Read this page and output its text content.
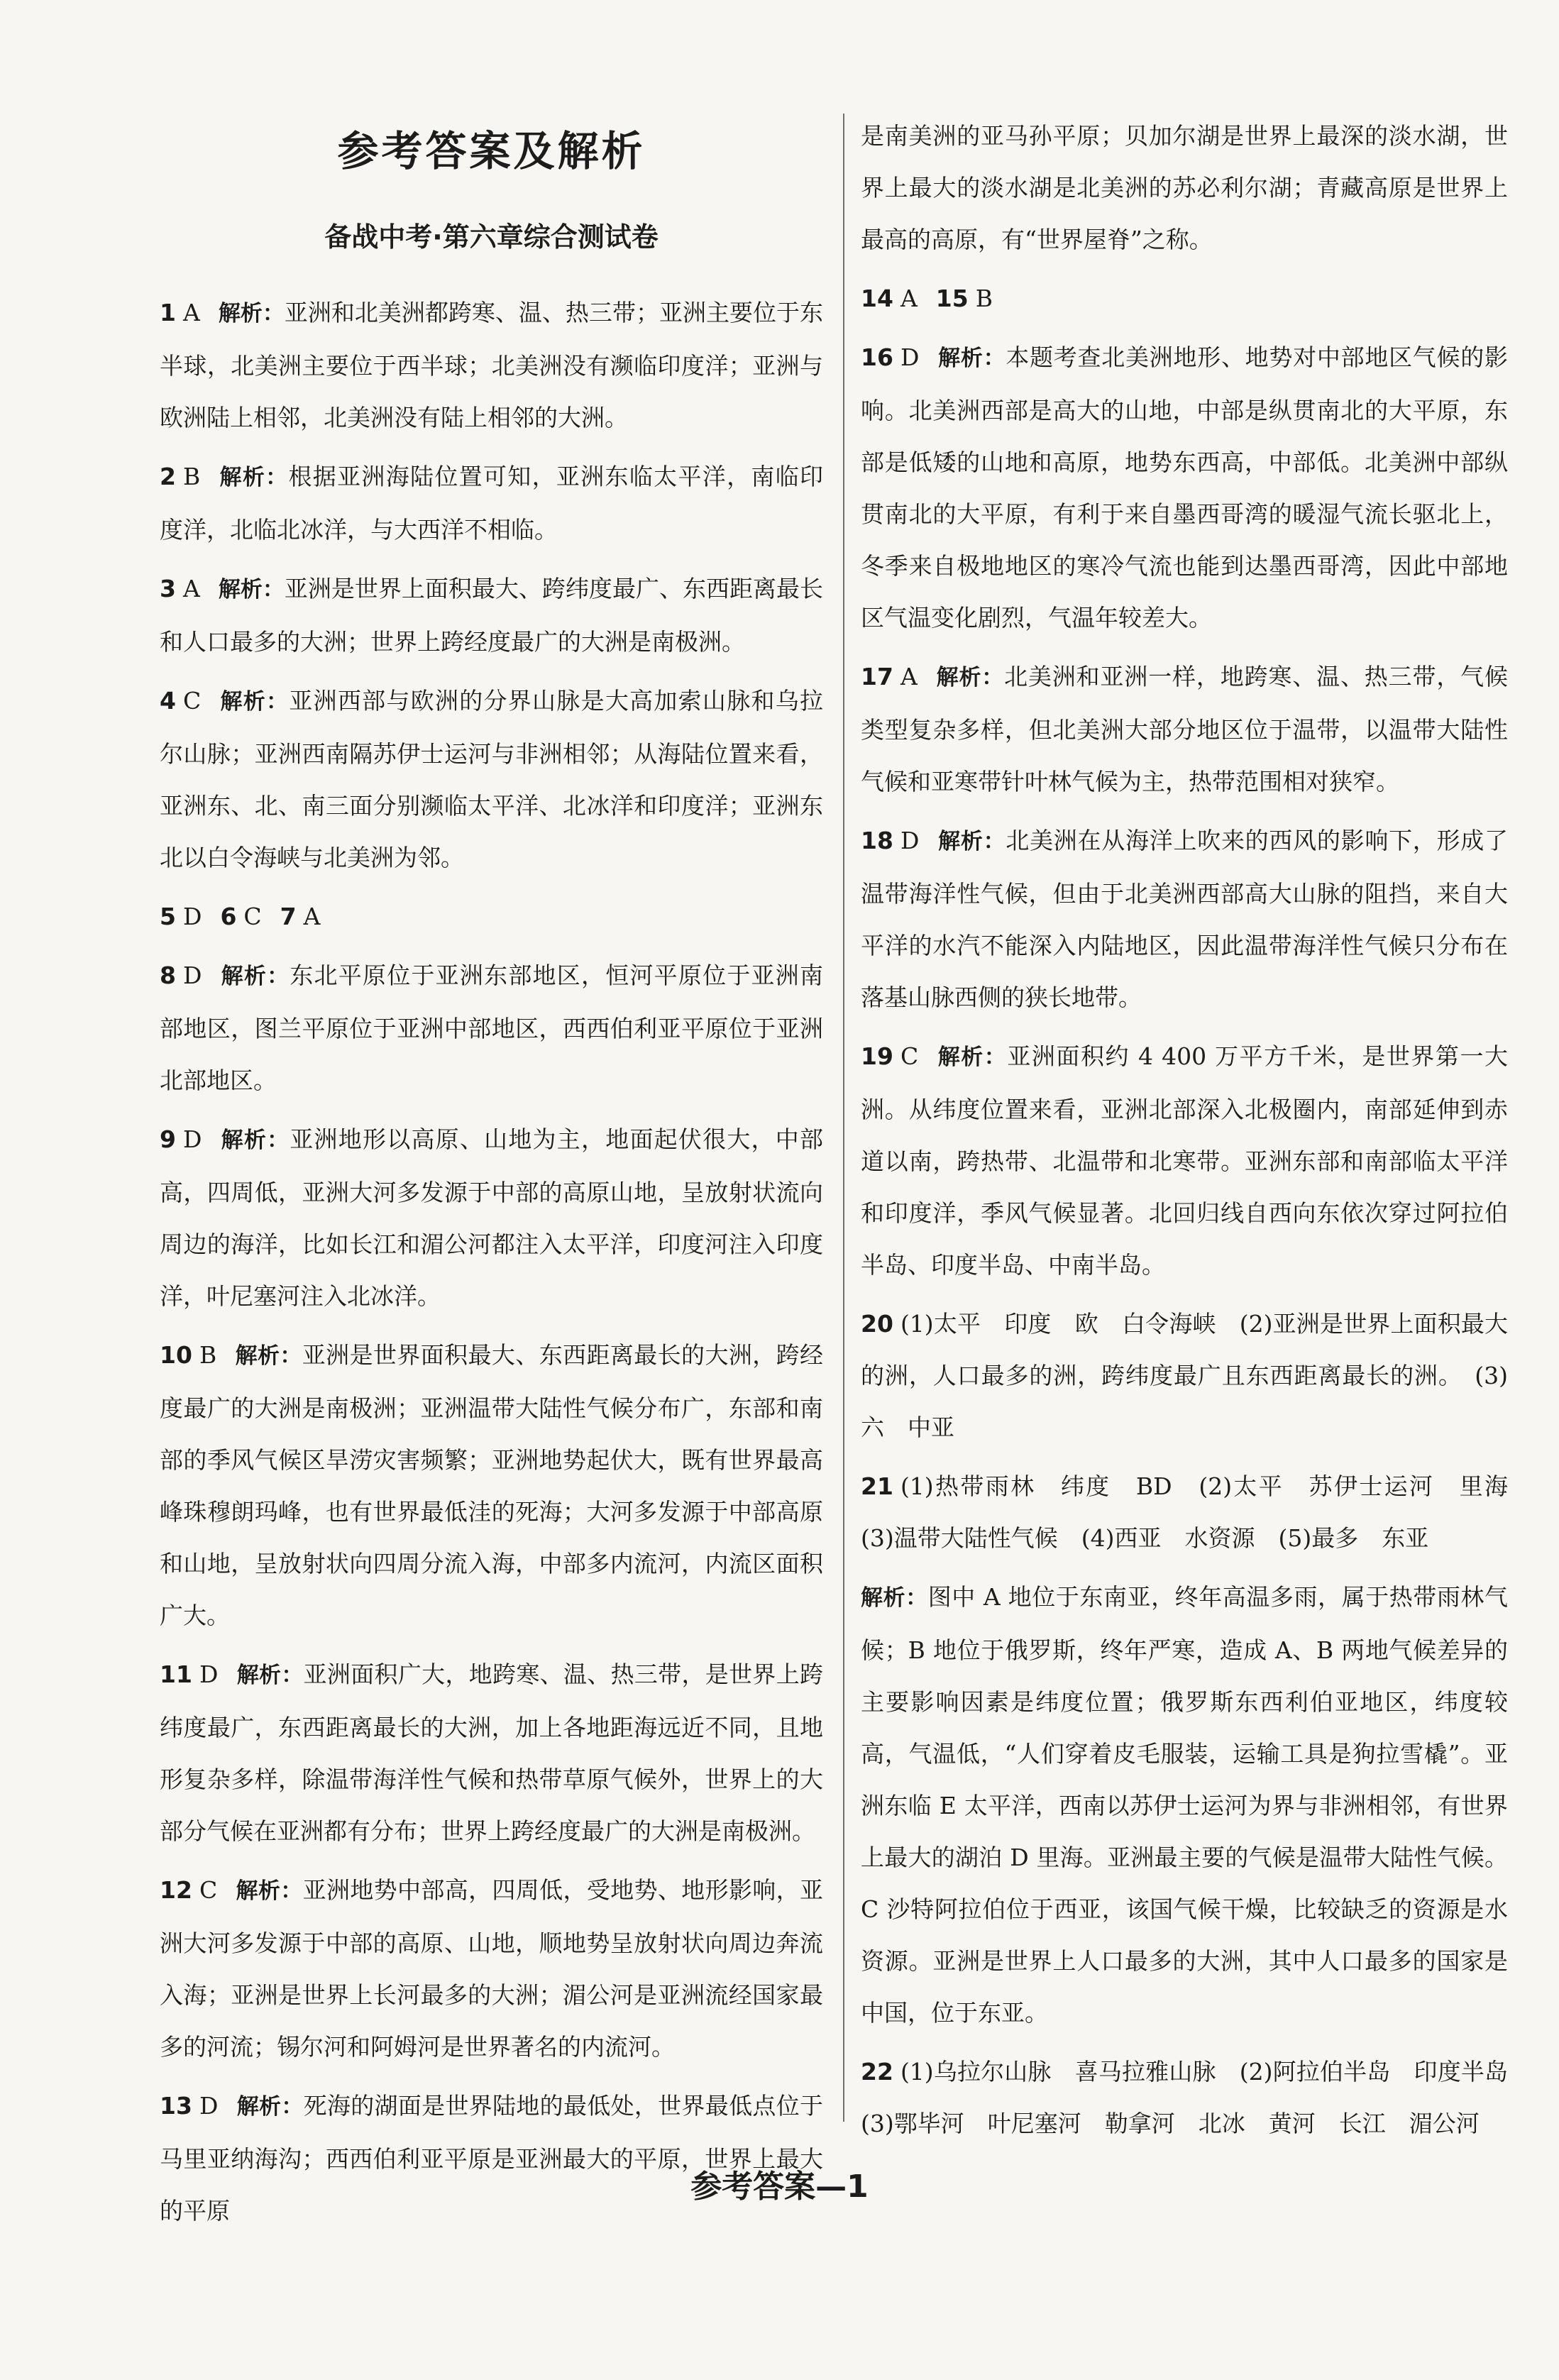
参考答案及解析
备战中考·第六章综合测试卷
1 A 解析：亚洲和北美洲都跨寒、温、热三带；亚洲主要位于东半球，北美洲主要位于西半球；北美洲没有濒临印度洋；亚洲与欧洲陆上相邻，北美洲没有陆上相邻的大洲。
2 B 解析：根据亚洲海陆位置可知，亚洲东临太平洋，南临印度洋，北临北冰洋，与大西洋不相临。
3 A 解析：亚洲是世界上面积最大、跨纬度最广、东西距离最长和人口最多的大洲；世界上跨经度最广的大洲是南极洲。
4 C 解析：亚洲西部与欧洲的分界山脉是大高加索山脉和乌拉尔山脉；亚洲西南隔苏伊士运河与非洲相邻；从海陆位置来看，亚洲东、北、南三面分别濒临太平洋、北冰洋和印度洋；亚洲东北以白令海峡与北美洲为邻。
5 D 6 C 7 A
8 D 解析：东北平原位于亚洲东部地区，恒河平原位于亚洲南部地区，图兰平原位于亚洲中部地区，西西伯利亚平原位于亚洲北部地区。
9 D 解析：亚洲地形以高原、山地为主，地面起伏很大，中部高，四周低，亚洲大河多发源于中部的高原山地，呈放射状流向周边的海洋，比如长江和湄公河都注入太平洋，印度河注入印度洋，叶尼塞河注入北冰洋。
10 B 解析：亚洲是世界面积最大、东西距离最长的大洲，跨经度最广的大洲是南极洲；亚洲温带大陆性气候分布广，东部和南部的季风气候区旱涝灾害频繁；亚洲地势起伏大，既有世界最高峰珠穆朗玛峰，也有世界最低洼的死海；大河多发源于中部高原和山地，呈放射状向四周分流入海，中部多内流河，内流区面积广大。
11 D 解析：亚洲面积广大，地跨寒、温、热三带，是世界上跨纬度最广，东西距离最长的大洲，加上各地距海远近不同，且地形复杂多样，除温带海洋性气候和热带草原气候外，世界上的大部分气候在亚洲都有分布；世界上跨经度最广的大洲是南极洲。
12 C 解析：亚洲地势中部高，四周低，受地势、地形影响，亚洲大河多发源于中部的高原、山地，顺地势呈放射状向周边奔流入海；亚洲是世界上长河最多的大洲；湄公河是亚洲流经国家最多的河流；锡尔河和阿姆河是世界著名的内流河。
13 D 解析：死海的湖面是世界陆地的最低处，世界最低点位于马里亚纳海沟；西西伯利亚平原是亚洲最大的平原，世界上最大的平原
是南美洲的亚马孙平原；贝加尔湖是世界上最深的淡水湖，世界上最大的淡水湖是北美洲的苏必利尔湖；青藏高原是世界上最高的高原，有“世界屋脊”之称。
14 A 15 B
16 D 解析：本题考查北美洲地形、地势对中部地区气候的影响。北美洲西部是高大的山地，中部是纵贯南北的大平原，东部是低矮的山地和高原，地势东西高，中部低。北美洲中部纵贯南北的大平原，有利于来自墨西哥湾的暖湿气流长驱北上，冬季来自极地地区的寒冷气流也能到达墨西哥湾，因此中部地区气温变化剧烈，气温年较差大。
17 A 解析：北美洲和亚洲一样，地跨寒、温、热三带，气候类型复杂多样，但北美洲大部分地区位于温带，以温带大陆性气候和亚寒带针叶林气候为主，热带范围相对狭窄。
18 D 解析：北美洲在从海洋上吹来的西风的影响下，形成了温带海洋性气候，但由于北美洲西部高大山脉的阻挡，来自大平洋的水汽不能深入内陆地区，因此温带海洋性气候只分布在落基山脉西侧的狭长地带。
19 C 解析：亚洲面积约 4 400 万平方千米，是世界第一大洲。从纬度位置来看，亚洲北部深入北极圈内，南部延伸到赤道以南，跨热带、北温带和北寒带。亚洲东部和南部临太平洋和印度洋，季风气候显著。北回归线自西向东依次穿过阿拉伯半岛、印度半岛、中南半岛。
20 (1)太平　印度　欧　白令海峡　(2)亚洲是世界上面积最大的洲，人口最多的洲，跨纬度最广且东西距离最长的洲。　(3)六　中亚
21 (1)热带雨林　纬度　BD　(2)太平　苏伊士运河　里海　(3)温带大陆性气候　(4)西亚　水资源　(5)最多　东亚
解析：图中 A 地位于东南亚，终年高温多雨，属于热带雨林气候；B 地位于俄罗斯，终年严寒，造成 A、B 两地气候差异的主要影响因素是纬度位置；俄罗斯东西利伯亚地区，纬度较高，气温低，“人们穿着皮毛服装，运输工具是狗拉雪橇”。亚洲东临 E 太平洋，西南以苏伊士运河为界与非洲相邻，有世界上最大的湖泊 D 里海。亚洲最主要的气候是温带大陆性气候。C 沙特阿拉伯位于西亚，该国气候干燥，比较缺乏的资源是水资源。亚洲是世界上人口最多的大洲，其中人口最多的国家是中国，位于东亚。
22 (1)乌拉尔山脉　喜马拉雅山脉　(2)阿拉伯半岛　印度半岛　(3)鄂毕河　叶尼塞河　勒拿河　北冰　黄河　长江　湄公河
参考答案—1
